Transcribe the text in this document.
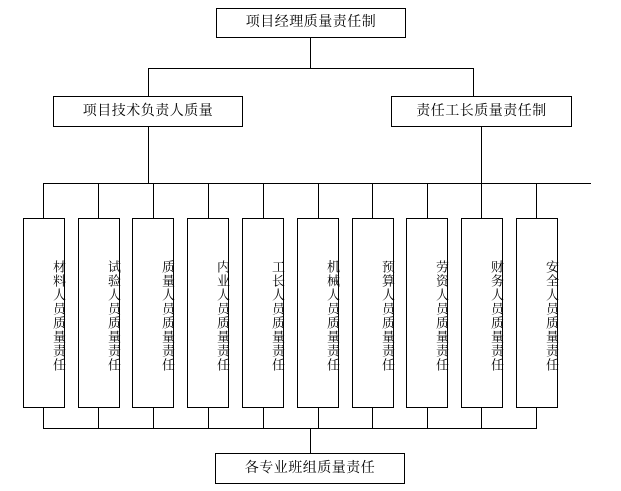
项目经理质量责任制
项目技术负责人质量	责任工长质量责任制
材料人员质量责任	试验人员质量责任	质量人员质量责任	内业人员质量责任	工长人员质量责任	机械人员质量责任	预算人员质量责任	劳资人员质量责任	财务人员质量责任	安全人员质量责任
各专业班组质量责任
